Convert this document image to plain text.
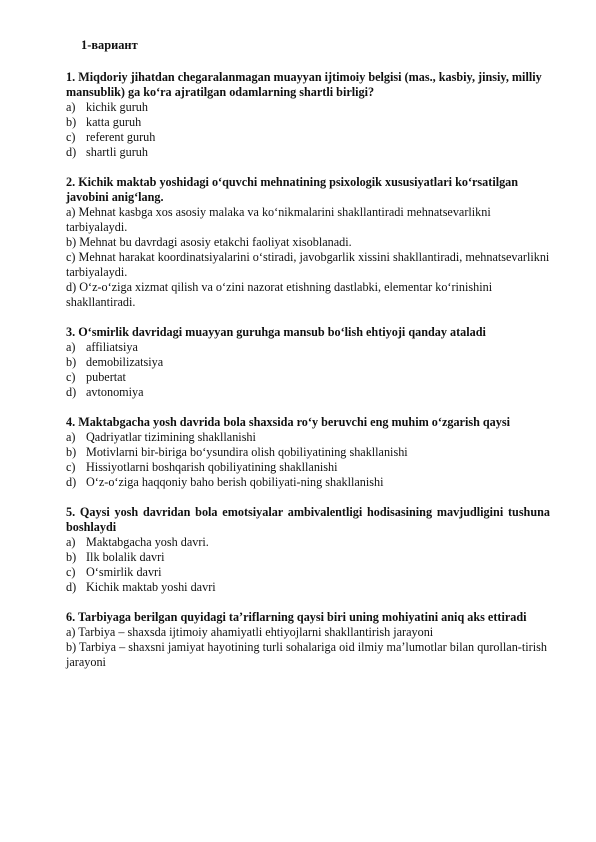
1-вариант
1. Miqdoriy jihatdan chegaralanmagan muayyan ijtimoiy belgisi (mas., kasbiy, jinsiy, milliy mansublik) ga ko‘ra ajratilgan odamlarning shartli birligi?
a) kichik guruh
b) katta guruh
c) referent guruh
d) shartli guruh
2. Kichik maktab yoshidagi o‘quvchi mehnatining psixologik xususiyatlari ko‘rsatilgan javobini anig‘lang.
a) Mehnat kasbga xos asosiy malaka va ko‘nikmalarini shakllantiradi mehnatsevarlikni tarbiyalaydi.
b) Mehnat bu davrdagi asosiy etakchi faoliyat xisoblanadi.
c) Mehnat harakat koordinatsiyalarini o‘stiradi, javobgarlik xissini shakllantiradi, mehnatsevarlikni tarbiyalaydi.
d) O‘z-o‘ziga xizmat qilish va o‘zini nazorat etishning dastlabki, elementar ko‘rinishini shakllantiradi.
3. O‘smirlik davridagi muayyan guruhga mansub bo‘lish ehtiyoji qanday ataladi
a) affiliatsiya
b) demobilizatsiya
c) pubertat
d) avtonomiya
4. Maktabgacha yosh davrida bola shaxsida ro‘y beruvchi eng muhim o‘zgarish qaysi
a) Qadriyatlar tizimining shakllanishi
b) Motivlarni bir-biriga bo‘ysundira olish qobiliyatining shakllanishi
c) Hissiyotlarni boshqarish qobiliyatining shakllanishi
d) O‘z-o‘ziga haqqoniy baho berish qobiliyati-ning shakllanishi
5. Qaysi yosh davridan bola emotsiyalar ambivalentligi hodisasining mavjudligini tushuna boshlaydi
a) Maktabgacha yosh davri.
b) Ilk bolalik davri
c) O‘smirlik davri
d) Kichik maktab yoshi davri
6. Tarbiyaga berilgan quyidagi ta’riflarning qaysi biri uning mohiyatini aniq aks ettiradi
a) Tarbiya – shaxsda ijtimoiy ahamiyatli ehtiyojlarni shakllantirish jarayoni
b) Tarbiya – shaxsni jamiyat hayotining turli sohalariga oid ilmiy ma’lumotlar bilan qurollan-tirish jarayoni
